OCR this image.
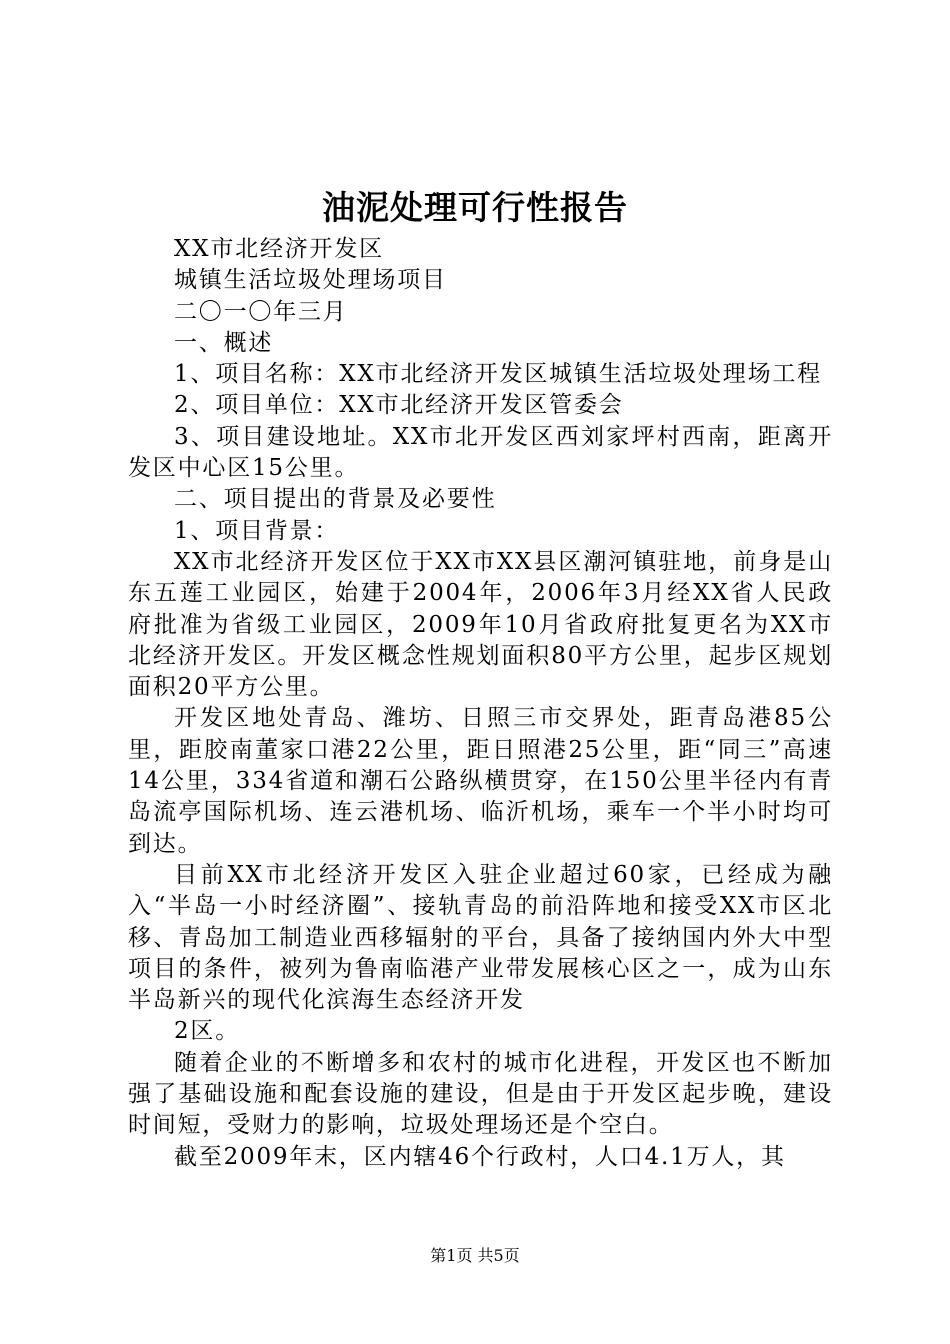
油泥处理可行性报告

XX市北经济开发区

城镇生活垃圾处理场项目

二〇一〇年三月

一、概述

1、项目名称：XX市北经济开发区城镇生活垃圾处理场工程

2、项目单位：XX市北经济开发区管委会

3、项目建设地址。XX市北开发区西刘家坪村西南，距离开发区中心区15公里。

二、项目提出的背景及必要性

1、项目背景：

XX市北经济开发区位于XX市XX县区潮河镇驻地，前身是山东五莲工业园区，始建于2004年，2006年3月经XX省人民政府批准为省级工业园区，2009年10月省政府批复更名为XX市北经济开发区。开发区概念性规划面积80平方公里，起步区规划面积20平方公里。

开发区地处青岛、潍坊、日照三市交界处，距青岛港85公里，距胶南董家口港22公里，距日照港25公里，距“同三”高速14公里，334省道和潮石公路纵横贯穿，在150公里半径内有青岛流亭国际机场、连云港机场、临沂机场，乘车一个半小时均可到达。

目前XX市北经济开发区入驻企业超过60家，已经成为融入“半岛一小时经济圈”、接轨青岛的前沿阵地和接受XX市区北移、青岛加工制造业西移辐射的平台，具备了接纳国内外大中型项目的条件，被列为鲁南临港产业带发展核心区之一，成为山东半岛新兴的现代化滨海生态经济开发

2区。

随着企业的不断增多和农村的城市化进程，开发区也不断加强了基础设施和配套设施的建设，但是由于开发区起步晚，建设时间短，受财力的影响，垃圾处理场还是个空白。

截至2009年末，区内辖46个行政村，人口4.1万人，其

第1页 共5页
